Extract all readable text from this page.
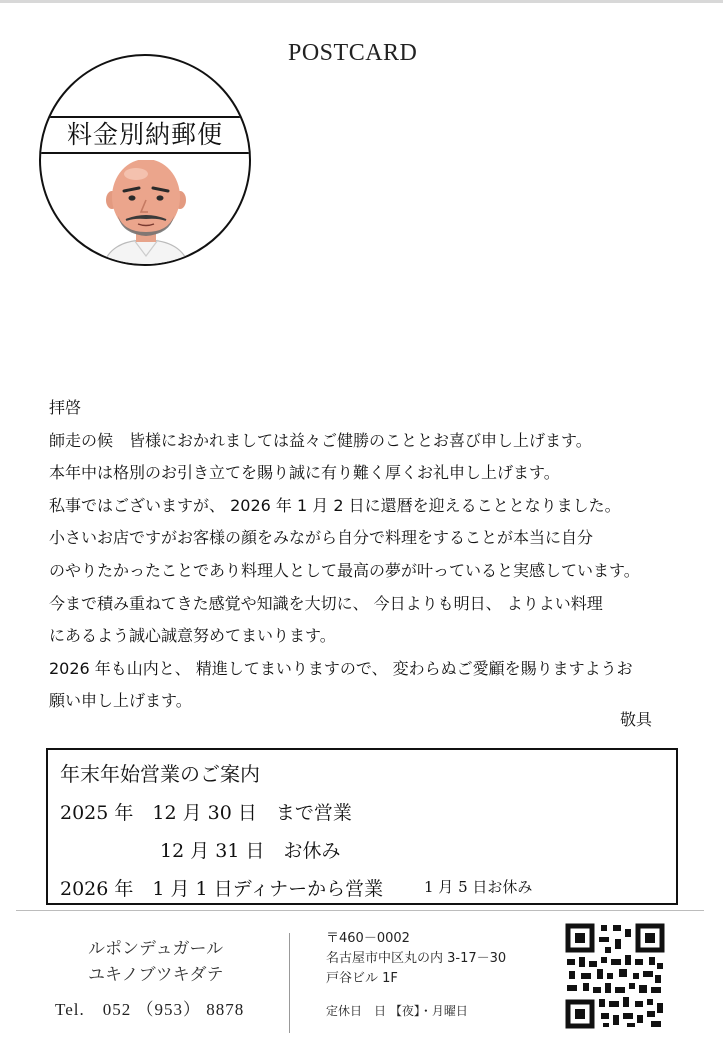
POSTCARD
料金別納郵便

拝啓

師走の候　皆様におかれましては益々ご健勝のこととお喜び申し上げます。

本年中は格別のお引き立てを賜り誠に有り難く厚くお礼申し上げます。

私事ではございますが、 2026 年 1 月 2 日に還暦を迎えることとなりました。

小さいお店ですがお客様の顔をみながら自分で料理をすることが本当に自分

のやりたかったことであり料理人として最高の夢が叶っていると実感しています。

今まで積み重ねてきた感覚や知識を大切に、 今日よりも明日、 よりよい料理

にあるよう誠心誠意努めてまいります。

2026 年も山内と、 精進してまいりますので、 変わらぬご愛顧を賜りますようお

願い申し上げます。

敬具
年末年始営業のご案内
2025 年　12 月 30 日　まで営業
12 月 31 日　お休み
2026 年　1 月 1 日ディナーから営業	1 月 5 日お休み
ルポンデュガール
ユキノブツキダテ
Tel.　052 （953） 8878
〒460－0002
名古屋市中区丸の内 3-17－30
戸谷ビル 1F
定休日　日 【夜】・月曜日
